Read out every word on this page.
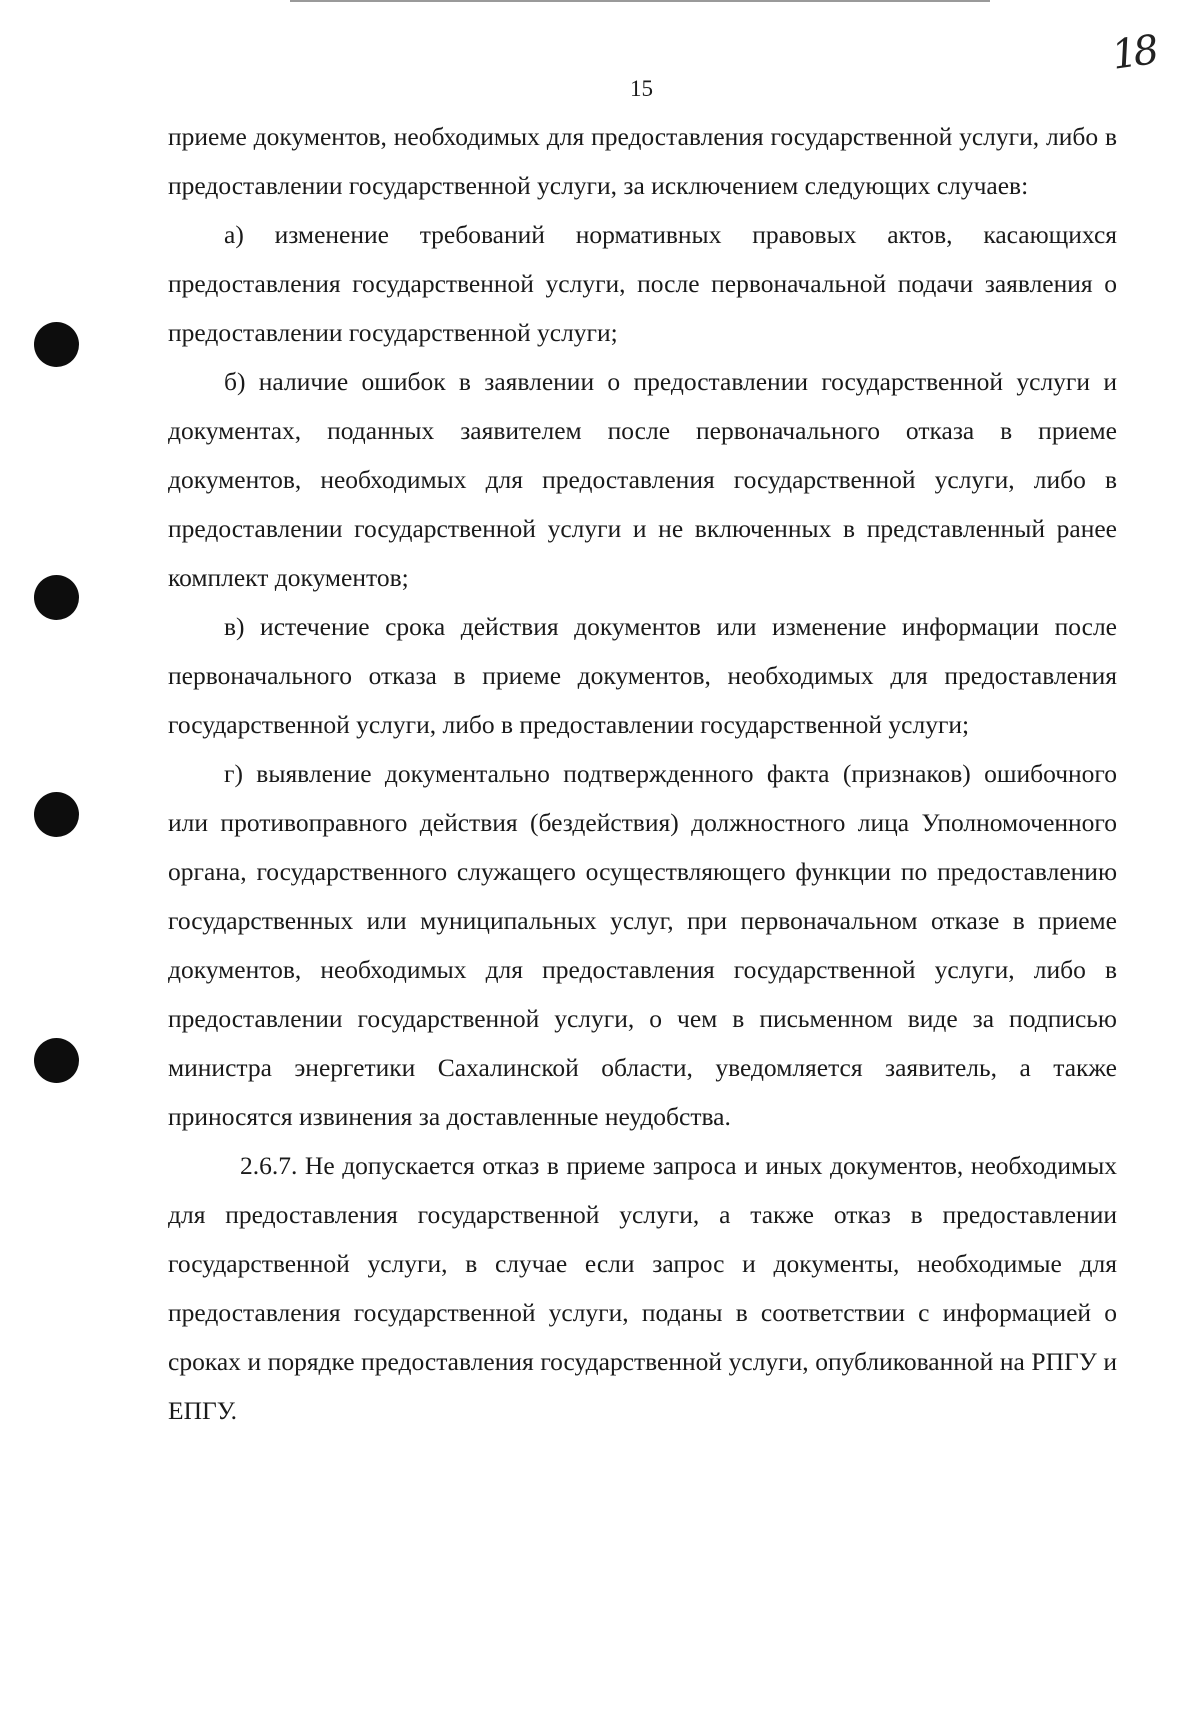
15
18

приеме документов, необходимых для предоставления государственной услуги, либо в предоставлении государственной услуги, за исключением следующих случаев:

а) изменение требований нормативных правовых актов, касающихся предоставления государственной услуги, после первоначальной подачи заявления о предоставлении государственной услуги;

б) наличие ошибок в заявлении о предоставлении государственной услуги и документах, поданных заявителем после первоначального отказа в приеме документов, необходимых для предоставления государственной услуги, либо в предоставлении государственной услуги и не включенных в представленный ранее комплект документов;

в) истечение срока действия документов или изменение информации после первоначального отказа в приеме документов, необходимых для предоставления государственной услуги, либо в предоставлении государственной услуги;

г) выявление документально подтвержденного факта (признаков) ошибочного или противоправного действия (бездействия) должностного лица Уполномоченного органа, государственного служащего осуществляющего функции по предоставлению государственных или муниципальных услуг, при первоначальном отказе в приеме документов, необходимых для предоставления государственной услуги, либо в предоставлении государственной услуги, о чем в письменном виде за подписью министра энергетики Сахалинской области, уведомляется заявитель, а также приносятся извинения за доставленные неудобства.

2.6.7. Не допускается отказ в приеме запроса и иных документов, необходимых для предоставления государственной услуги, а также отказ в предоставлении государственной услуги, в случае если запрос и документы, необходимые для предоставления государственной услуги, поданы в соответствии с информацией о сроках и порядке предоставления государственной услуги, опубликованной на РПГУ и ЕПГУ.
